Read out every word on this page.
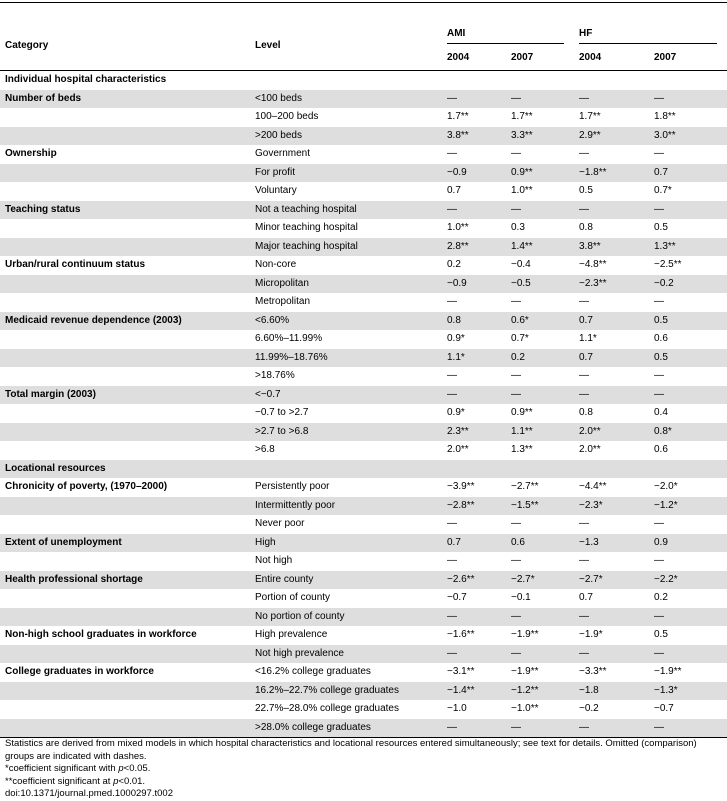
Category	Level	AMI		HF	
		2004	2007	2004	2007
Individual hospital characteristics					
Number of beds	<100 beds	—	—	—	—
	100–200 beds	1.7**	1.7**	1.7**	1.8**
	>200 beds	3.8**	3.3**	2.9**	3.0**
Ownership	Government	—	—	—	—
	For profit	−0.9	0.9**	−1.8**	0.7
	Voluntary	0.7	1.0**	0.5	0.7*
Teaching status	Not a teaching hospital	—	—	—	—
	Minor teaching hospital	1.0**	0.3	0.8	0.5
	Major teaching hospital	2.8**	1.4**	3.8**	1.3**
Urban/rural continuum status	Non-core	0.2	−0.4	−4.8**	−2.5**
	Micropolitan	−0.9	−0.5	−2.3**	−0.2
	Metropolitan	—	—	—	—
Medicaid revenue dependence (2003)	<6.60%	0.8	0.6*	0.7	0.5
	6.60%–11.99%	0.9*	0.7*	1.1*	0.6
	11.99%–18.76%	1.1*	0.2	0.7	0.5
	>18.76%	—	—	—	—
Total margin (2003)	<−0.7	—	—	—	—
	−0.7 to >2.7	0.9*	0.9**	0.8	0.4
	>2.7 to >6.8	2.3**	1.1**	2.0**	0.8*
	>6.8	2.0**	1.3**	2.0**	0.6
Locational resources					
Chronicity of poverty, (1970–2000)	Persistently poor	−3.9**	−2.7**	−4.4**	−2.0*
	Intermittently poor	−2.8**	−1.5**	−2.3*	−1.2*
	Never poor	—	—	—	—
Extent of unemployment	High	0.7	0.6	−1.3	0.9
	Not high	—	—	—	—
Health professional shortage	Entire county	−2.6**	−2.7*	−2.7*	−2.2*
	Portion of county	−0.7	−0.1	0.7	0.2
	No portion of county	—	—	—	—
Non-high school graduates in workforce	High prevalence	−1.6**	−1.9**	−1.9*	0.5
	Not high prevalence	—	—	—	—
College graduates in workforce	<16.2% college graduates	−3.1**	−1.9**	−3.3**	−1.9**
	16.2%–22.7% college graduates	−1.4**	−1.2**	−1.8	−1.3*
	22.7%–28.0% college graduates	−1.0	−1.0**	−0.2	−0.7
	>28.0% college graduates	—	—	—	—
Statistics are derived from mixed models in which hospital characteristics and locational resources entered simultaneously; see text for details. Omitted (comparison) groups are indicated with dashes.
*coefficient significant with p<0.05.
**coefficient significant at p<0.01.
doi:10.1371/journal.pmed.1000297.t002
